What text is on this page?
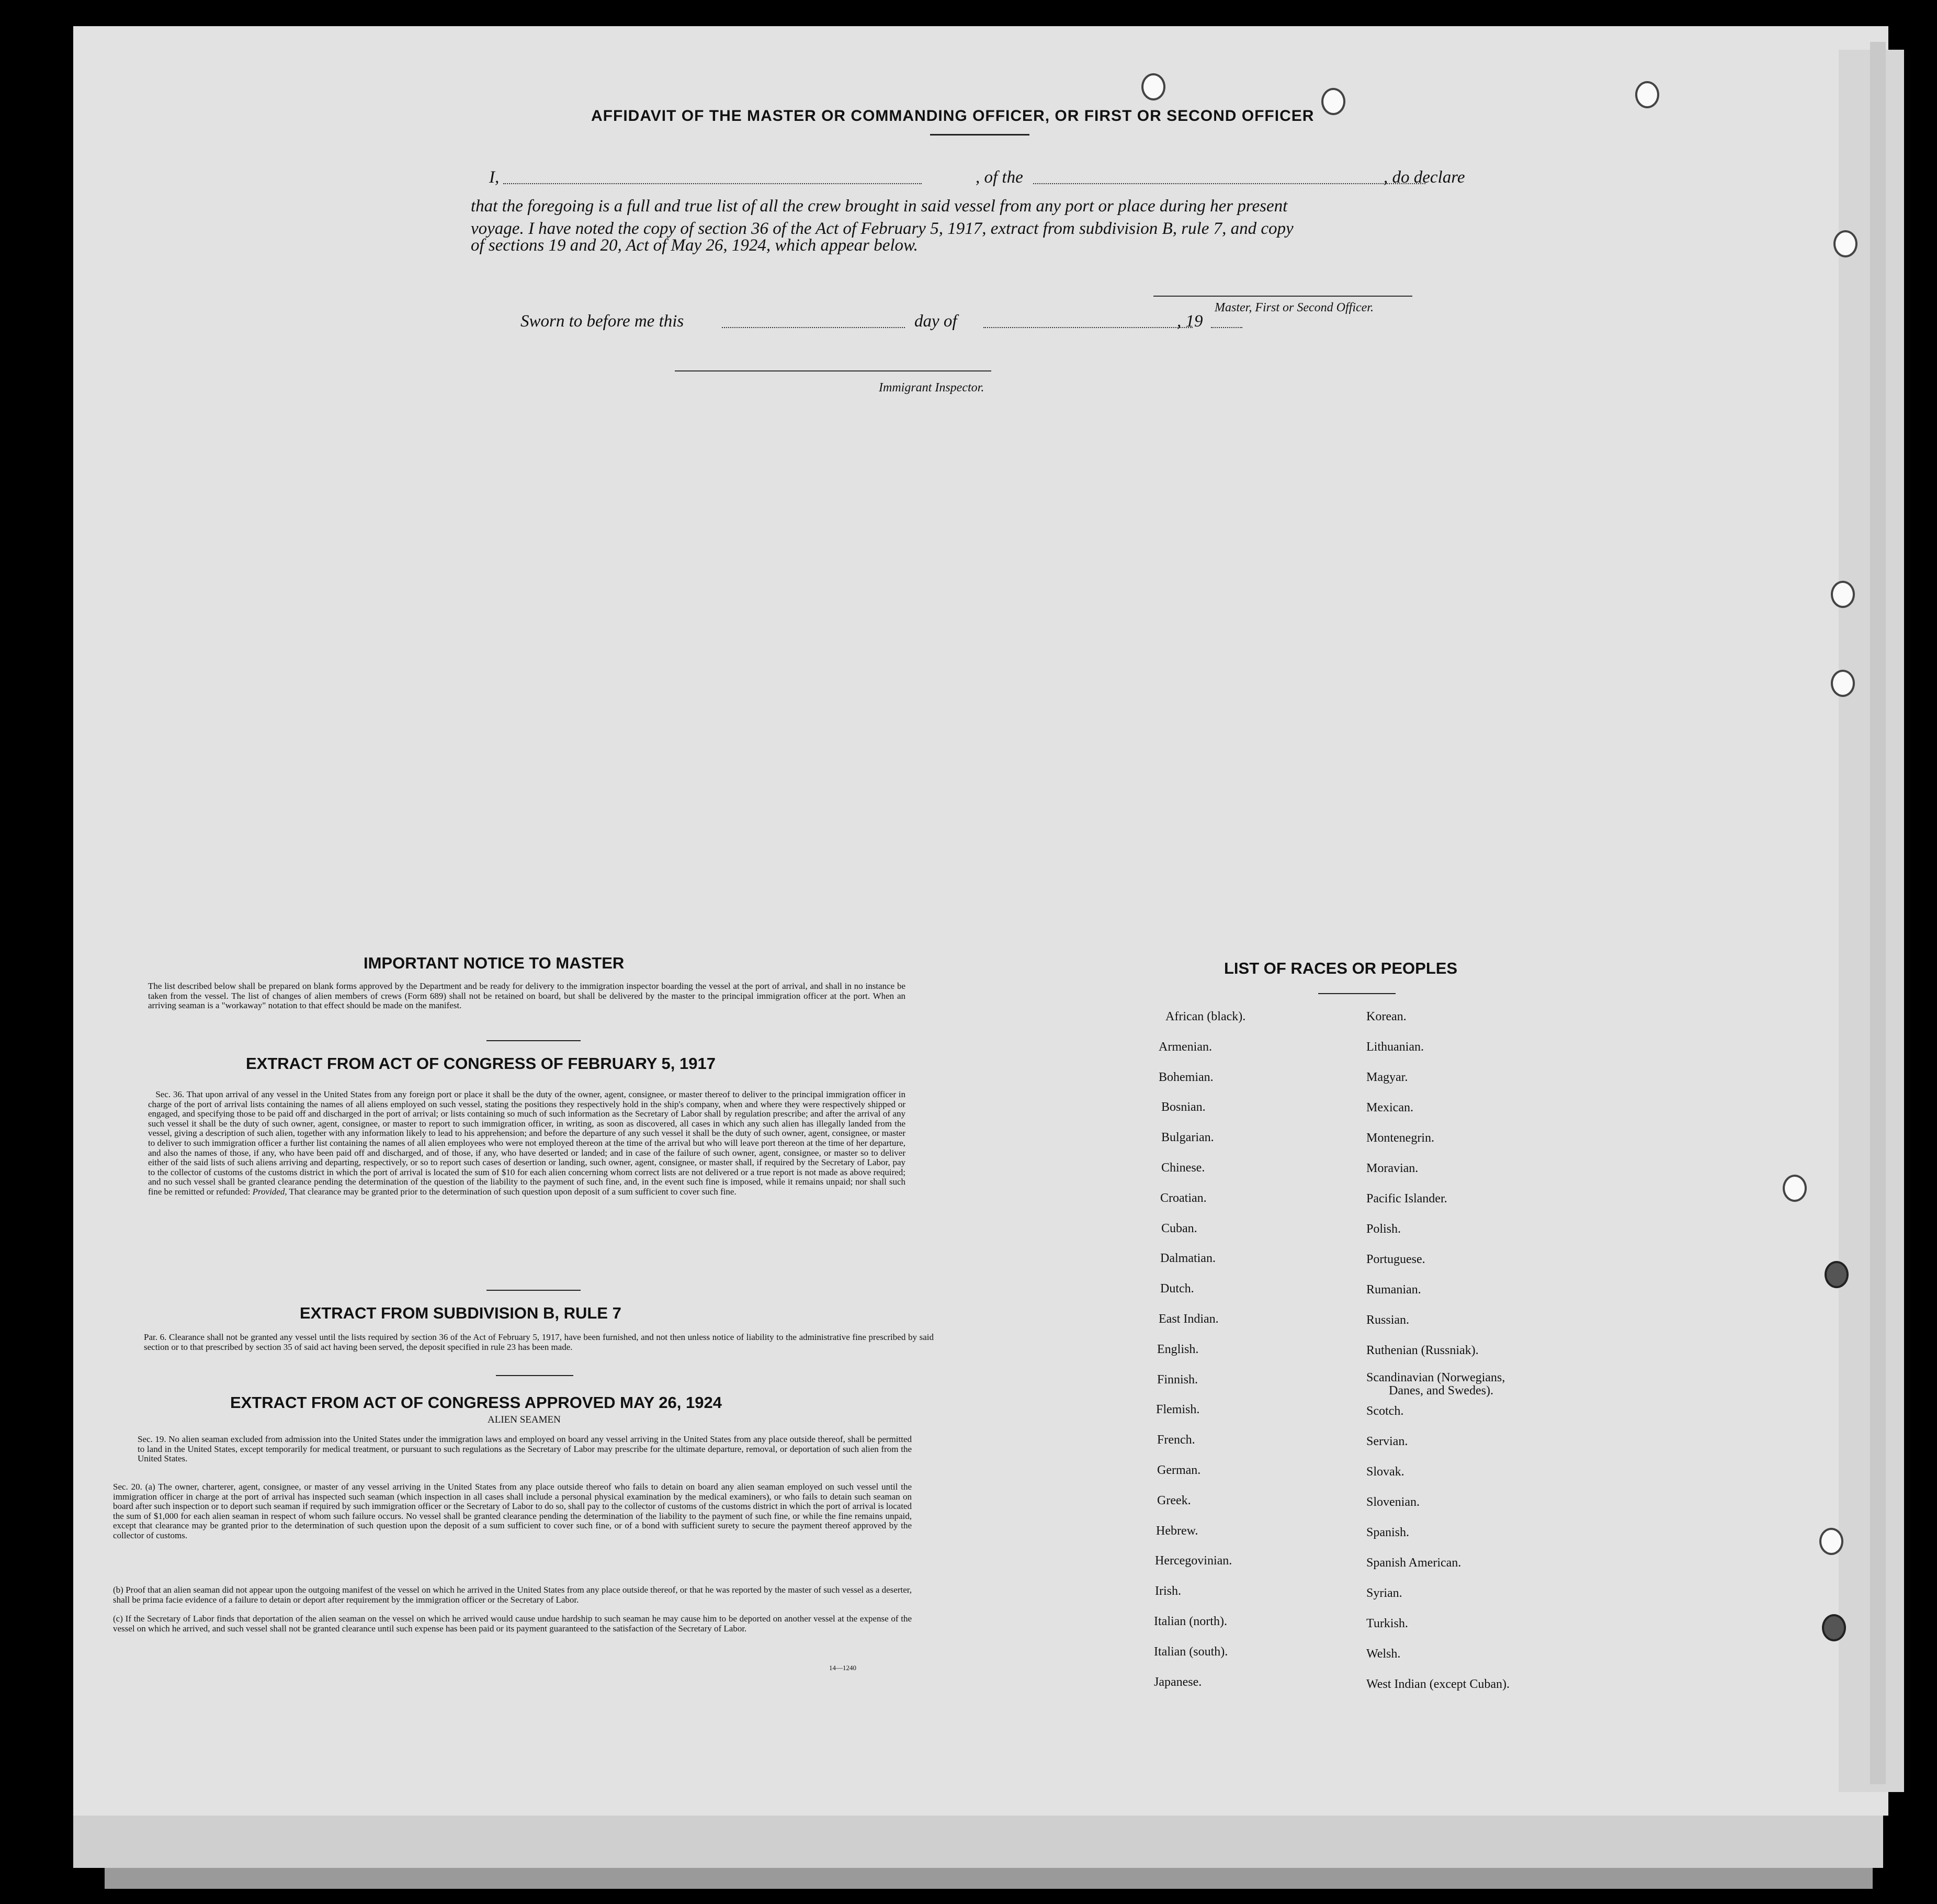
AFFIDAVIT OF THE MASTER OR COMMANDING OFFICER, OR FIRST OR SECOND OFFICER
I,	, of the	, do declare
that the foregoing is a full and true list of all the crew brought in said vessel from any port or place during her present
voyage. I have noted the copy of section 36 of the Act of February 5, 1917, extract from subdivision B, rule 7, and copy
of sections 19 and 20, Act of May 26, 1924, which appear below.
Master, First or Second Officer.
Sworn to before me this	day of	, 19
Immigrant Inspector.
IMPORTANT NOTICE TO MASTER
The list described below shall be prepared on blank forms approved by the Department and be ready for delivery to the immigration inspector boarding the vessel at the port of arrival, and shall in no instance be taken from the vessel. The list of changes of alien members of crews (Form 689) shall not be retained on board, but shall be delivered by the master to the principal immigration officer at the port. When an arriving seaman is a "workaway" notation to that effect should be made on the manifest.
EXTRACT FROM ACT OF CONGRESS OF FEBRUARY 5, 1917
Sec. 36. That upon arrival of any vessel in the United States from any foreign port or place it shall be the duty of the owner, agent, consignee, or master thereof to deliver to the principal immigration officer in charge of the port of arrival lists containing the names of all aliens employed on such vessel, stating the positions they respectively hold in the ship's company, when and where they were respectively shipped or engaged, and specifying those to be paid off and discharged in the port of arrival; or lists containing so much of such information as the Secretary of Labor shall by regulation prescribe; and after the arrival of any such vessel it shall be the duty of such owner, agent, consignee, or master to report to such immigration officer, in writing, as soon as discovered, all cases in which any such alien has illegally landed from the vessel, giving a description of such alien, together with any information likely to lead to his apprehension; and before the departure of any such vessel it shall be the duty of such owner, agent, consignee, or master to deliver to such immigration officer a further list containing the names of all alien employees who were not employed thereon at the time of the arrival but who will leave port thereon at the time of her departure, and also the names of those, if any, who have been paid off and discharged, and of those, if any, who have deserted or landed; and in case of the failure of such owner, agent, consignee, or master so to deliver either of the said lists of such aliens arriving and departing, respectively, or so to report such cases of desertion or landing, such owner, agent, consignee, or master shall, if required by the Secretary of Labor, pay to the collector of customs of the customs district in which the port of arrival is located the sum of $10 for each alien concerning whom correct lists are not delivered or a true report is not made as above required; and no such vessel shall be granted clearance pending the determination of the question of the liability to the payment of such fine, and, in the event such fine is imposed, while it remains unpaid; nor shall such fine be remitted or refunded: Provided, That clearance may be granted prior to the determination of such question upon deposit of a sum sufficient to cover such fine.
EXTRACT FROM SUBDIVISION B, RULE 7
Par. 6. Clearance shall not be granted any vessel until the lists required by section 36 of the Act of February 5, 1917, have been furnished, and not then unless notice of liability to the administrative fine prescribed by said section or to that prescribed by section 35 of said act having been served, the deposit specified in rule 23 has been made.
EXTRACT FROM ACT OF CONGRESS APPROVED MAY 26, 1924
ALIEN SEAMEN
Sec. 19. No alien seaman excluded from admission into the United States under the immigration laws and employed on board any vessel arriving in the United States from any place outside thereof, shall be permitted to land in the United States, except temporarily for medical treatment, or pursuant to such regulations as the Secretary of Labor may prescribe for the ultimate departure, removal, or deportation of such alien from the United States.
Sec. 20. (a) The owner, charterer, agent, consignee, or master of any vessel arriving in the United States from any place outside thereof who fails to detain on board any alien seaman employed on such vessel until the immigration officer in charge at the port of arrival has inspected such seaman (which inspection in all cases shall include a personal physical examination by the medical examiners), or who fails to detain such seaman on board after such inspection or to deport such seaman if required by such immigration officer or the Secretary of Labor to do so, shall pay to the collector of customs of the customs district in which the port of arrival is located the sum of $1,000 for each alien seaman in respect of whom such failure occurs. No vessel shall be granted clearance pending the determination of the liability to the payment of such fine, or while the fine remains unpaid, except that clearance may be granted prior to the determination of such question upon the deposit of a sum sufficient to cover such fine, or of a bond with sufficient surety to secure the payment thereof approved by the collector of customs.
(b) Proof that an alien seaman did not appear upon the outgoing manifest of the vessel on which he arrived in the United States from any place outside thereof, or that he was reported by the master of such vessel as a deserter, shall be prima facie evidence of a failure to detain or deport after requirement by the immigration officer or the Secretary of Labor.
(c) If the Secretary of Labor finds that deportation of the alien seaman on the vessel on which he arrived would cause undue hardship to such seaman he may cause him to be deported on another vessel at the expense of the vessel on which he arrived, and such vessel shall not be granted clearance until such expense has been paid or its payment guaranteed to the satisfaction of the Secretary of Labor.
14—1240
LIST OF RACES OR PEOPLES
African (black).
Armenian.
Bohemian.
Bosnian.
Bulgarian.
Chinese.
Croatian.
Cuban.
Dalmatian.
Dutch.
East Indian.
English.
Finnish.
Flemish.
French.
German.
Greek.
Hebrew.
Hercegovinian.
Irish.
Italian (north).
Italian (south).
Japanese.
Korean.
Lithuanian.
Magyar.
Mexican.
Montenegrin.
Moravian.
Pacific Islander.
Polish.
Portuguese.
Rumanian.
Russian.
Ruthenian (Russniak).
Scandinavian (Norwegians,
Danes, and Swedes).
Scotch.
Servian.
Slovak.
Slovenian.
Spanish.
Spanish American.
Syrian.
Turkish.
Welsh.
West Indian (except Cuban).
